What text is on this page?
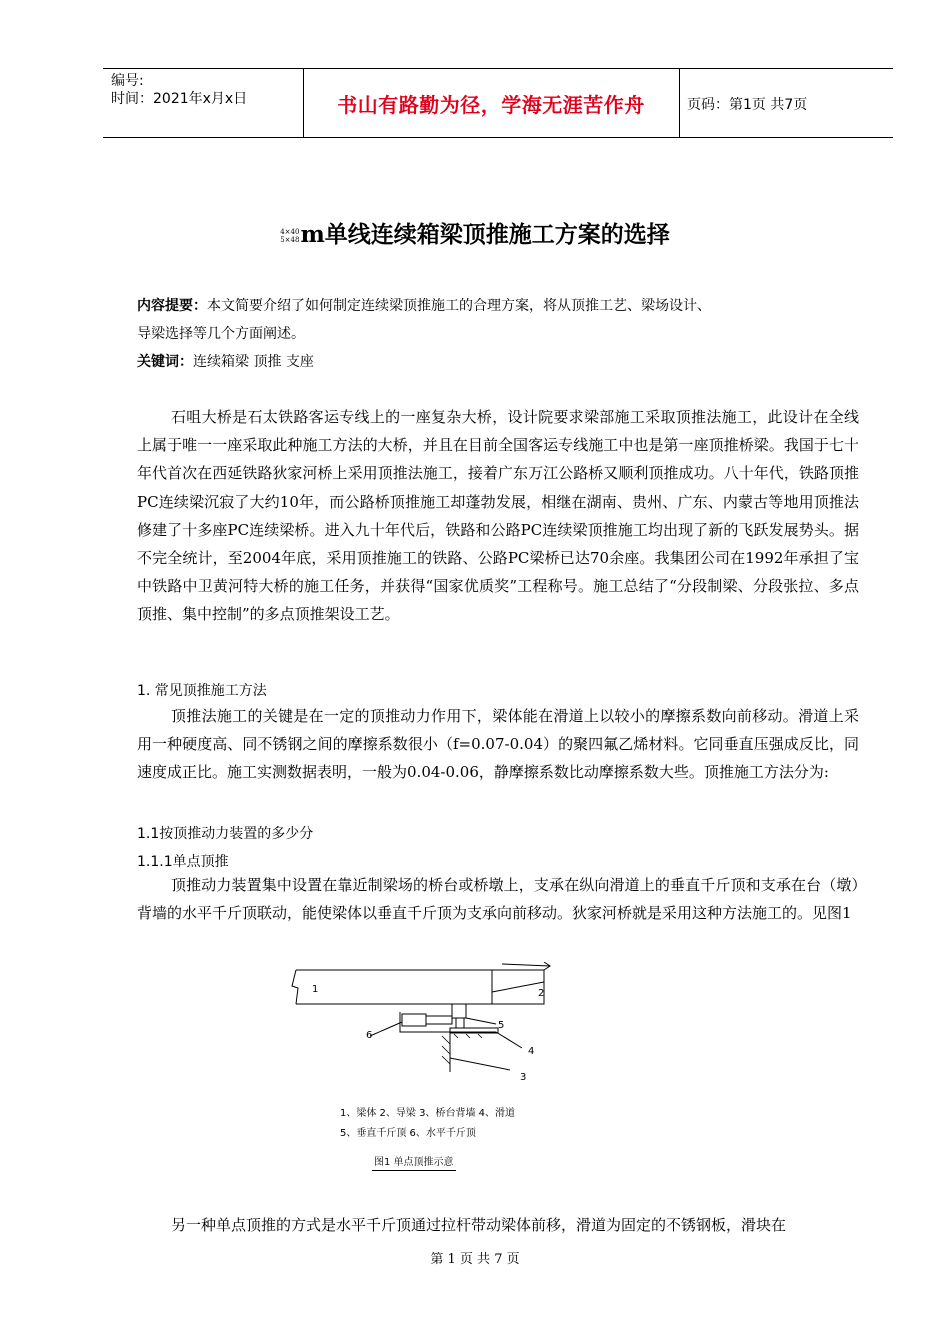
编号:
时间：2021年x月x日	书山有路勤为径，学海无涯苦作舟	页码：第1页 共7页
4×40
5×48 m单线连续箱梁顶推施工方案的选择
内容提要：本文简要介绍了如何制定连续梁顶推施工的合理方案，将从顶推工艺、梁场设计、
导梁选择等几个方面阐述。
关键词：连续箱梁 顶推 支座

石咀大桥是石太铁路客运专线上的一座复杂大桥，设计院要求梁部施工采取顶推法施工，此设计在全线上属于唯一一座采取此种施工方法的大桥，并且在目前全国客运专线施工中也是第一座顶推桥梁。我国于七十年代首次在西延铁路狄家河桥上采用顶推法施工，接着广东万江公路桥又顺利顶推成功。八十年代，铁路顶推PC连续梁沉寂了大约10年，而公路桥顶推施工却蓬勃发展，相继在湖南、贵州、广东、内蒙古等地用顶推法修建了十多座PC连续梁桥。进入九十年代后，铁路和公路PC连续梁顶推施工均出现了新的飞跃发展势头。据不完全统计，至2004年底，采用顶推施工的铁路、公路PC梁桥已达70余座。我集团公司在1992年承担了宝中铁路中卫黄河特大桥的施工任务，并获得“国家优质奖”工程称号。施工总结了“分段制梁、分段张拉、多点顶推、集中控制”的多点顶推架设工艺。

1. 常见顶推施工方法

顶推法施工的关键是在一定的顶推动力作用下，梁体能在滑道上以较小的摩擦系数向前移动。滑道上采用一种硬度高、同不锈钢之间的摩擦系数很小（f=0.07-0.04）的聚四氟乙烯材料。它同垂直压强成反比，同速度成正比。施工实测数据表明，一般为0.04-0.06，静摩擦系数比动摩擦系数大些。顶推施工方法分为:

1.1按顶推动力装置的多少分
1.1.1单点顶推

顶推动力装置集中设置在靠近制梁场的桥台或桥墩上，支承在纵向滑道上的垂直千斤顶和支承在台（墩）背墙的水平千斤顶联动，能使梁体以垂直千斤顶为支承向前移动。狄家河桥就是采用这种方法施工的。见图1

1	2
3
4
5
6
1、梁体 2、导梁 3、桥台背墙 4、滑道
5、垂直千斤顶 6、水平千斤顶
图1 单点顶推示意

另一种单点顶推的方式是水平千斤顶通过拉杆带动梁体前移，滑道为固定的不锈钢板，滑块在

第 1 页 共 7 页
